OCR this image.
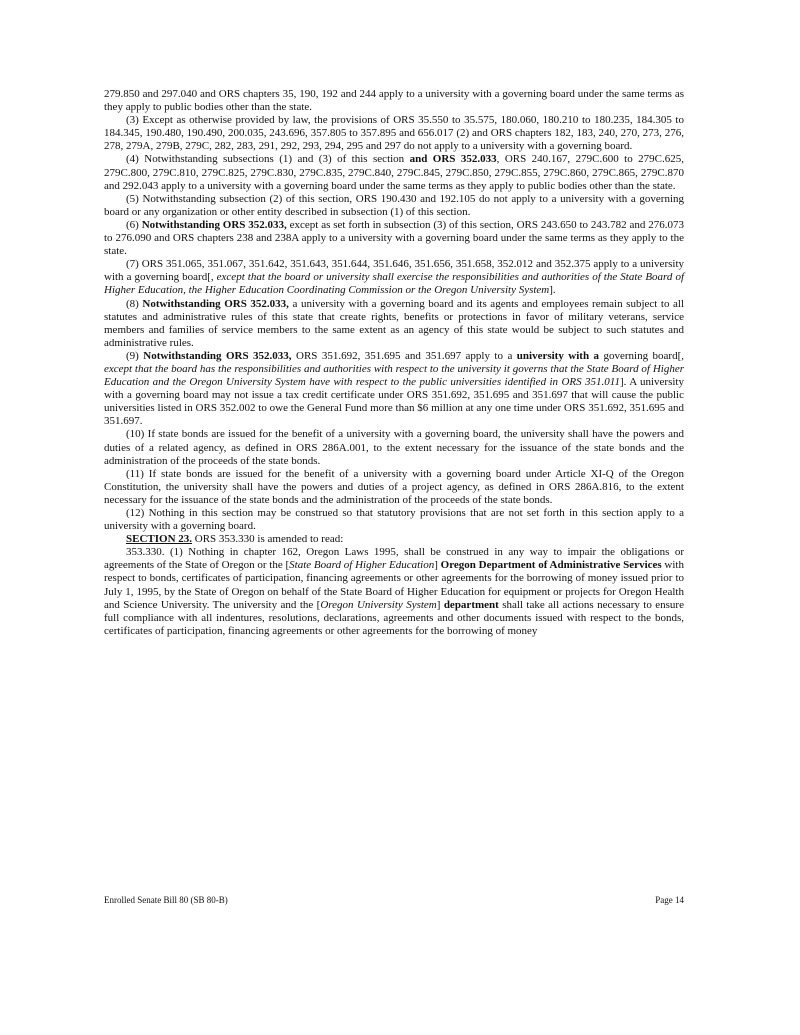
279.850 and 297.040 and ORS chapters 35, 190, 192 and 244 apply to a university with a governing board under the same terms as they apply to public bodies other than the state.

(3) Except as otherwise provided by law, the provisions of ORS 35.550 to 35.575, 180.060, 180.210 to 180.235, 184.305 to 184.345, 190.480, 190.490, 200.035, 243.696, 357.805 to 357.895 and 656.017 (2) and ORS chapters 182, 183, 240, 270, 273, 276, 278, 279A, 279B, 279C, 282, 283, 291, 292, 293, 294, 295 and 297 do not apply to a university with a governing board.

(4) Notwithstanding subsections (1) and (3) of this section and ORS 352.033, ORS 240.167, 279C.600 to 279C.625, 279C.800, 279C.810, 279C.825, 279C.830, 279C.835, 279C.840, 279C.845, 279C.850, 279C.855, 279C.860, 279C.865, 279C.870 and 292.043 apply to a university with a governing board under the same terms as they apply to public bodies other than the state.

(5) Notwithstanding subsection (2) of this section, ORS 190.430 and 192.105 do not apply to a university with a governing board or any organization or other entity described in subsection (1) of this section.

(6) Notwithstanding ORS 352.033, except as set forth in subsection (3) of this section, ORS 243.650 to 243.782 and 276.073 to 276.090 and ORS chapters 238 and 238A apply to a university with a governing board under the same terms as they apply to the state.

(7) ORS 351.065, 351.067, 351.642, 351.643, 351.644, 351.646, 351.656, 351.658, 352.012 and 352.375 apply to a university with a governing board[, except that the board or university shall exercise the responsibilities and authorities of the State Board of Higher Education, the Higher Education Coordinating Commission or the Oregon University System].

(8) Notwithstanding ORS 352.033, a university with a governing board and its agents and employees remain subject to all statutes and administrative rules of this state that create rights, benefits or protections in favor of military veterans, service members and families of service members to the same extent as an agency of this state would be subject to such statutes and administrative rules.

(9) Notwithstanding ORS 352.033, ORS 351.692, 351.695 and 351.697 apply to a university with a governing board[, except that the board has the responsibilities and authorities with respect to the university it governs that the State Board of Higher Education and the Oregon University System have with respect to the public universities identified in ORS 351.011]. A university with a governing board may not issue a tax credit certificate under ORS 351.692, 351.695 and 351.697 that will cause the public universities listed in ORS 352.002 to owe the General Fund more than $6 million at any one time under ORS 351.692, 351.695 and 351.697.

(10) If state bonds are issued for the benefit of a university with a governing board, the university shall have the powers and duties of a related agency, as defined in ORS 286A.001, to the extent necessary for the issuance of the state bonds and the administration of the proceeds of the state bonds.

(11) If state bonds are issued for the benefit of a university with a governing board under Article XI-Q of the Oregon Constitution, the university shall have the powers and duties of a project agency, as defined in ORS 286A.816, to the extent necessary for the issuance of the state bonds and the administration of the proceeds of the state bonds.

(12) Nothing in this section may be construed so that statutory provisions that are not set forth in this section apply to a university with a governing board.

SECTION 23. ORS 353.330 is amended to read:

353.330. (1) Nothing in chapter 162, Oregon Laws 1995, shall be construed in any way to impair the obligations or agreements of the State of Oregon or the [State Board of Higher Education] Oregon Department of Administrative Services with respect to bonds, certificates of participation, financing agreements or other agreements for the borrowing of money issued prior to July 1, 1995, by the State of Oregon on behalf of the State Board of Higher Education for equipment or projects for Oregon Health and Science University. The university and the [Oregon University System] department shall take all actions necessary to ensure full compliance with all indentures, resolutions, declarations, agreements and other documents issued with respect to the bonds, certificates of participation, financing agreements or other agreements for the borrowing of money

Enrolled Senate Bill 80 (SB 80-B)	Page 14
